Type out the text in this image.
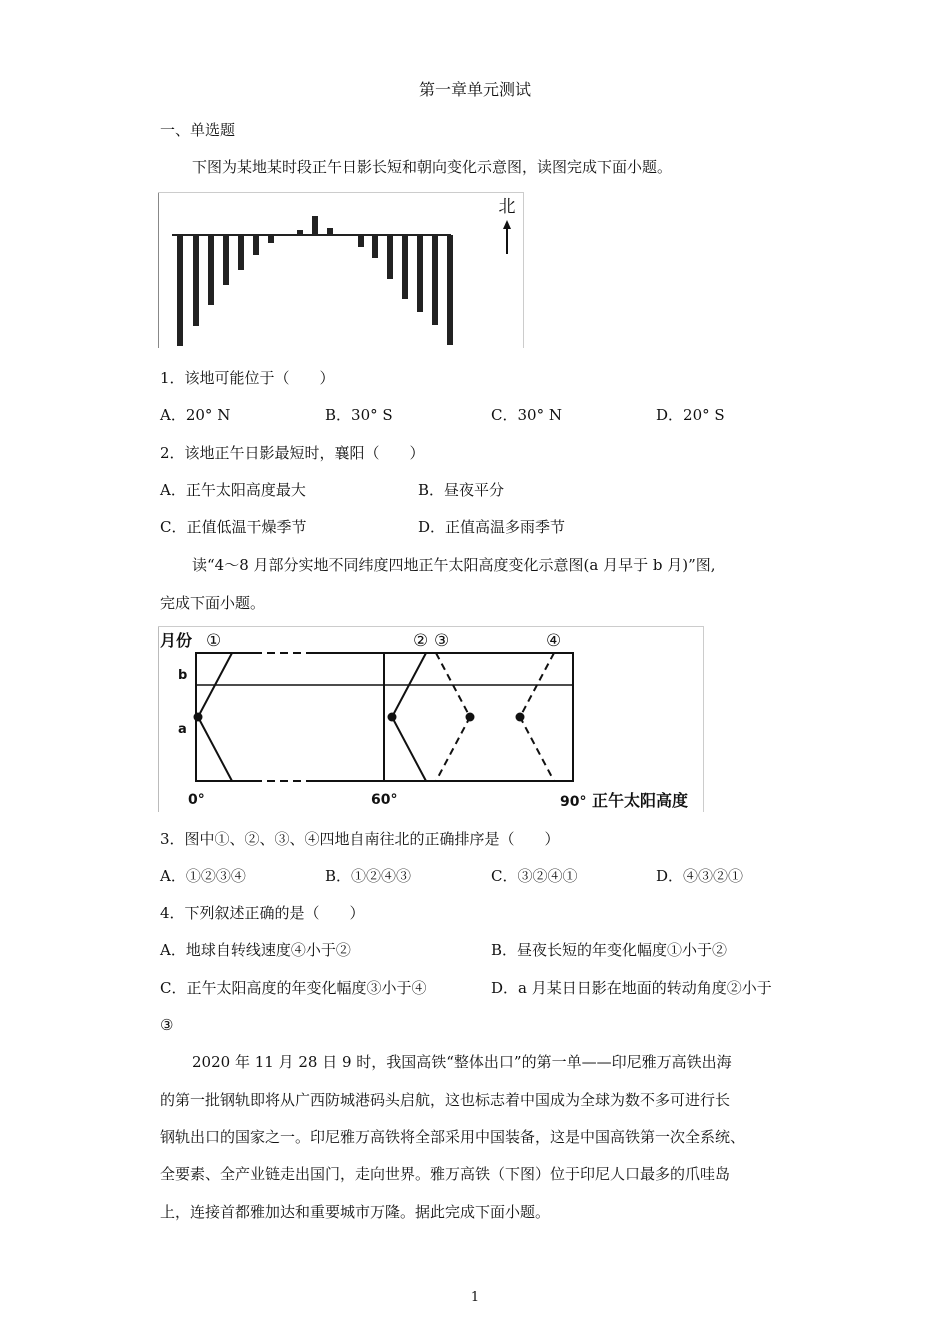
第一章单元测试
一、单选题
下图为某地某时段正午日影长短和朝向变化示意图，读图完成下面小题。
北
1．该地可能位于（　　）
A．20° N	B．30° S	C．30° N	D．20° S
2．该地正午日影最短时，襄阳（　　）
A．正午太阳高度最大	B．昼夜平分
C．正值低温干燥季节	D．正值高温多雨季节
读“4～8 月部分实地不同纬度四地正午太阳高度变化示意图(a 月早于 b 月)”图,
完成下面小题。
月份
b
a
①	② ③	④
0°	60°	90° 正午太阳高度
3．图中①、②、③、④四地自南往北的正确排序是（　　）
A．①②③④	B．①②④③	C．③②④①	D．④③②①
4．下列叙述正确的是（　　）
A．地球自转线速度④小于②	B．昼夜长短的年变化幅度①小于②
C．正午太阳高度的年变化幅度③小于④	D．a 月某日日影在地面的转动角度②小于
③
2020 年 11 月 28 日 9 时，我国高铁“整体出口”的第一单——印尼雅万高铁出海
的第一批钢轨即将从广西防城港码头启航，这也标志着中国成为全球为数不多可进行长
钢轨出口的国家之一。印尼雅万高铁将全部采用中国装备，这是中国高铁第一次全系统、
全要素、全产业链走出国门，走向世界。雅万高铁（下图）位于印尼人口最多的爪哇岛
上，连接首都雅加达和重要城市万隆。据此完成下面小题。
1
